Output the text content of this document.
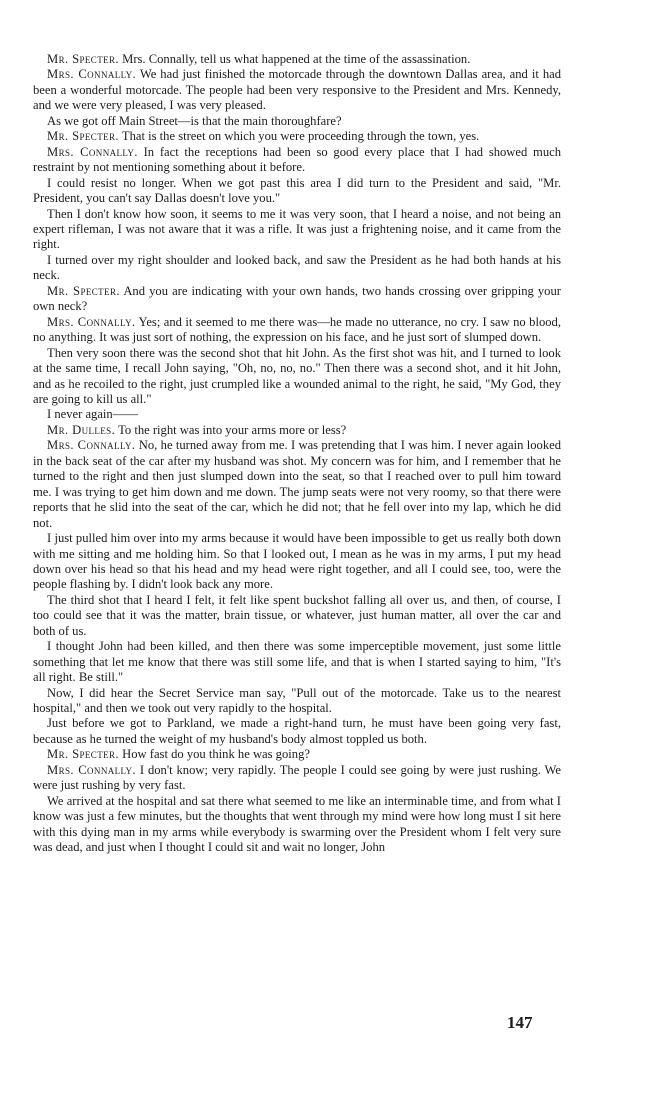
Mr. Specter. Mrs. Connally, tell us what happened at the time of the assassination.

Mrs. Connally. We had just finished the motorcade through the downtown Dallas area, and it had been a wonderful motorcade. The people had been very responsive to the President and Mrs. Kennedy, and we were very pleased, I was very pleased.

As we got off Main Street—is that the main thoroughfare?

Mr. Specter. That is the street on which you were proceeding through the town, yes.

Mrs. Connally. In fact the receptions had been so good every place that I had showed much restraint by not mentioning something about it before.

I could resist no longer. When we got past this area I did turn to the President and said, "Mr. President, you can't say Dallas doesn't love you."

Then I don't know how soon, it seems to me it was very soon, that I heard a noise, and not being an expert rifleman, I was not aware that it was a rifle. It was just a frightening noise, and it came from the right.

I turned over my right shoulder and looked back, and saw the President as he had both hands at his neck.

Mr. Specter. And you are indicating with your own hands, two hands crossing over gripping your own neck?

Mrs. Connally. Yes; and it seemed to me there was—he made no utterance, no cry. I saw no blood, no anything. It was just sort of nothing, the expression on his face, and he just sort of slumped down.

Then very soon there was the second shot that hit John. As the first shot was hit, and I turned to look at the same time, I recall John saying, "Oh, no, no, no." Then there was a second shot, and it hit John, and as he recoiled to the right, just crumpled like a wounded animal to the right, he said, "My God, they are going to kill us all."

I never again——

Mr. Dulles. To the right was into your arms more or less?

Mrs. Connally. No, he turned away from me. I was pretending that I was him. I never again looked in the back seat of the car after my husband was shot. My concern was for him, and I remember that he turned to the right and then just slumped down into the seat, so that I reached over to pull him toward me. I was trying to get him down and me down. The jump seats were not very roomy, so that there were reports that he slid into the seat of the car, which he did not; that he fell over into my lap, which he did not.

I just pulled him over into my arms because it would have been impossible to get us really both down with me sitting and me holding him. So that I looked out, I mean as he was in my arms, I put my head down over his head so that his head and my head were right together, and all I could see, too, were the people flashing by. I didn't look back any more.

The third shot that I heard I felt, it felt like spent buckshot falling all over us, and then, of course, I too could see that it was the matter, brain tissue, or whatever, just human matter, all over the car and both of us.

I thought John had been killed, and then there was some imperceptible movement, just some little something that let me know that there was still some life, and that is when I started saying to him, "It's all right. Be still."

Now, I did hear the Secret Service man say, "Pull out of the motorcade. Take us to the nearest hospital," and then we took out very rapidly to the hospital.

Just before we got to Parkland, we made a right-hand turn, he must have been going very fast, because as he turned the weight of my husband's body almost toppled us both.

Mr. Specter. How fast do you think he was going?

Mrs. Connally. I don't know; very rapidly. The people I could see going by were just rushing. We were just rushing by very fast.

We arrived at the hospital and sat there what seemed to me like an interminable time, and from what I know was just a few minutes, but the thoughts that went through my mind were how long must I sit here with this dying man in my arms while everybody is swarming over the President whom I felt very sure was dead, and just when I thought I could sit and wait no longer, John

147
